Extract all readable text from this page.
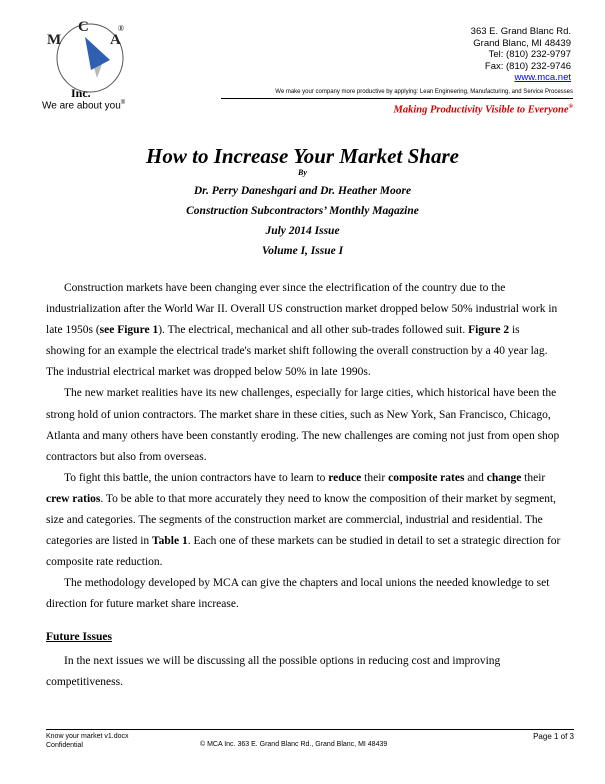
M
C
A
®
Inc.
We are about you®
363 E. Grand Blanc Rd.
Grand Blanc, MI 48439
Tel: (810) 232-9797
Fax: (810) 232-9746
www.mca.net
We make your company more productive by applying: Lean Engineering, Manufacturing, and Service Processes
Making Productivity Visible to Everyone®
How to Increase Your Market Share
By
Dr. Perry Daneshgari and Dr. Heather Moore
Construction Subcontractors’ Monthly Magazine
July 2014 Issue
Volume I, Issue I

Construction markets have been changing ever since the electrification of the country due to the industrialization after the World War II. Overall US construction market dropped below 50% industrial work in late 1950s (see Figure 1). The electrical, mechanical and all other sub-trades followed suit. Figure 2 is showing for an example the electrical trade's market shift following the overall construction by a 40 year lag. The industrial electrical market was dropped below 50% in late 1990s.

The new market realities have its new challenges, especially for large cities, which historical have been the strong hold of union contractors. The market share in these cities, such as New York, San Francisco, Chicago, Atlanta and many others have been constantly eroding. The new challenges are coming not just from open shop contractors but also from overseas.

To fight this battle, the union contractors have to learn to reduce their composite rates and change their crew ratios. To be able to that more accurately they need to know the composition of their market by segment, size and categories. The segments of the construction market are commercial, industrial and residential. The categories are listed in Table 1. Each one of these markets can be studied in detail to set a strategic direction for composite rate reduction.

The methodology developed by MCA can give the chapters and local unions the needed knowledge to set direction for future market share increase.

Future Issues
In the next issues we will be discussing all the possible options in reducing cost and improving competitiveness.
Know your market v1.docx
Confidential	© MCA Inc. 363 E. Grand Blanc Rd., Grand Blanc, MI 48439
Page 1 of 3
